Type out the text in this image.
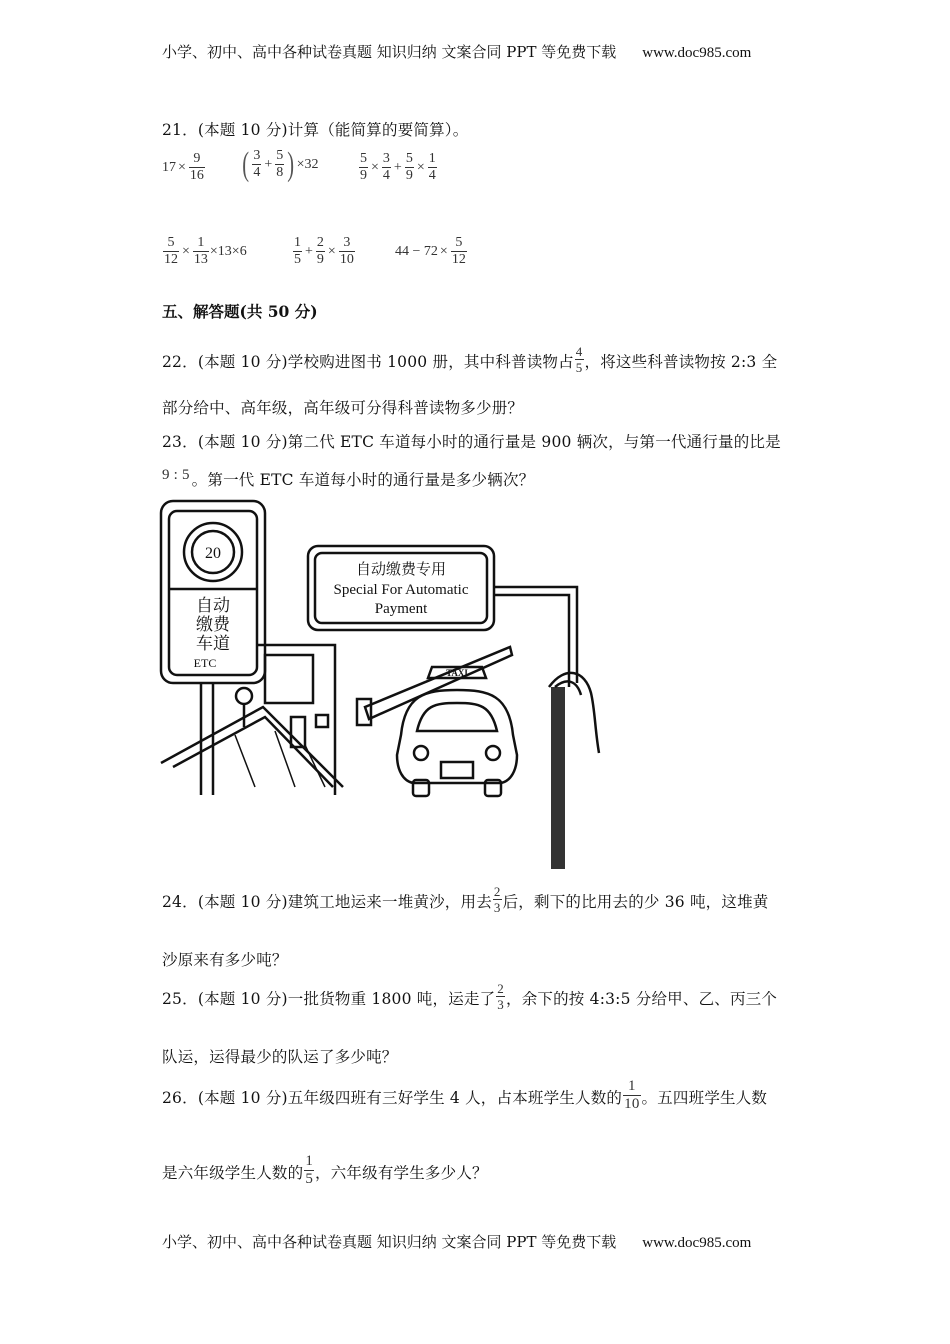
小学、初中、高中各种试卷真题 知识归纳 文案合同 PPT 等免费下载 www.doc985.com
21．(本题 10 分)计算（能简算的要简算）。
$17 \times \frac{9}{16}$ ( $\frac{3}{4} + \frac{5}{8}$ ) ×32	$\frac{5}{9} \times \frac{3}{4} + \frac{5}{9} \times \frac{1}{4}$
$\frac{5}{12} \times \frac{1}{13} \times 13\times 6$	$\frac{1}{5} + \frac{2}{9} \times \frac{3}{10}$	$44 - 72 \times \frac{5}{12}$
五、解答题(共 50 分)
22．(本题 10 分)学校购进图书 1000 册，其中科普读物占 $\frac{4}{5}$ ，将这些科普读物按 2:3 全
部分给中、高年级，高年级可分得科普读物多少册？
23．(本题 10 分)第二代 ETC 车道每小时的通行量是 900 辆次，与第一代通行量的比是
9 : 5 。第一代 ETC 车道每小时的通行量是多少辆次？
20
自动
缴费
车道
ETC
自动缴费专用
Special For Automatic
Payment
TAXI
24．(本题 10 分)建筑工地运来一堆黄沙，用去 $\frac{2}{3}$ 后，剩下的比用去的少 36 吨，这堆黄
沙原来有多少吨？
25．(本题 10 分)一批货物重 1800 吨，运走了 $\frac{2}{3}$ ，余下的按 4:3:5 分给甲、乙、丙三个
队运，运得最少的队运了多少吨？
26．(本题 10 分)五年级四班有三好学生 4 人，占本班学生人数的 $\frac{1}{10}$ 。五四班学生人数
是六年级学生人数的 $\frac{1}{5}$ ，六年级有学生多少人？
小学、初中、高中各种试卷真题 知识归纳 文案合同 PPT 等免费下载 www.doc985.com
